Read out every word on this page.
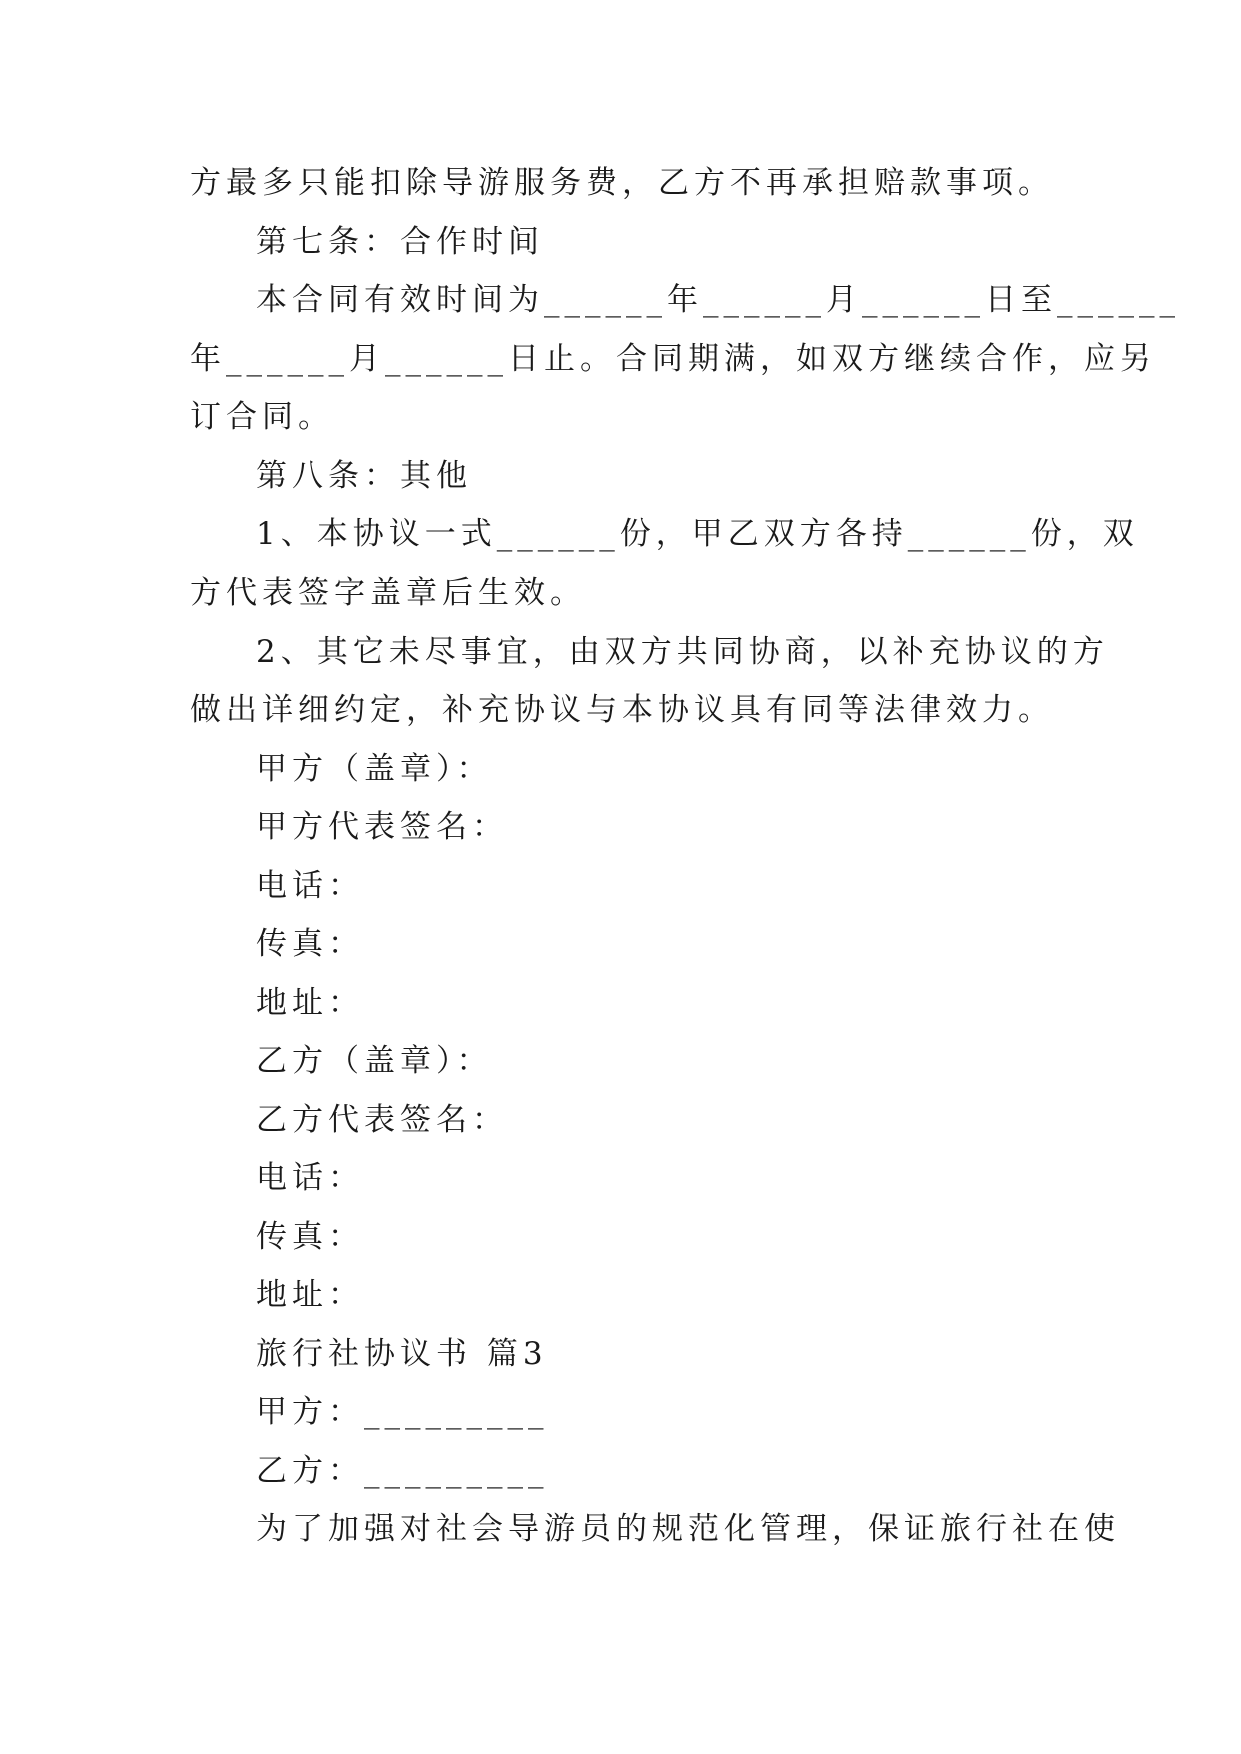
方最多只能扣除导游服务费，乙方不再承担赔款事项。
第七条：合作时间
本合同有效时间为______年______月______日至______
年______月______日止。合同期满，如双方继续合作，应另
订合同。
第八条：其他
1、本协议一式______份，甲乙双方各持______份，双
方代表签字盖章后生效。
2、其它未尽事宜，由双方共同协商，以补充协议的方
做出详细约定，补充协议与本协议具有同等法律效力。
甲方（盖章）：
甲方代表签名：
电话：
传真：
地址：
乙方（盖章）：
乙方代表签名：
电话：
传真：
地址：
旅行社协议书 篇3
甲方：_________
乙方：_________
为了加强对社会导游员的规范化管理，保证旅行社在使
